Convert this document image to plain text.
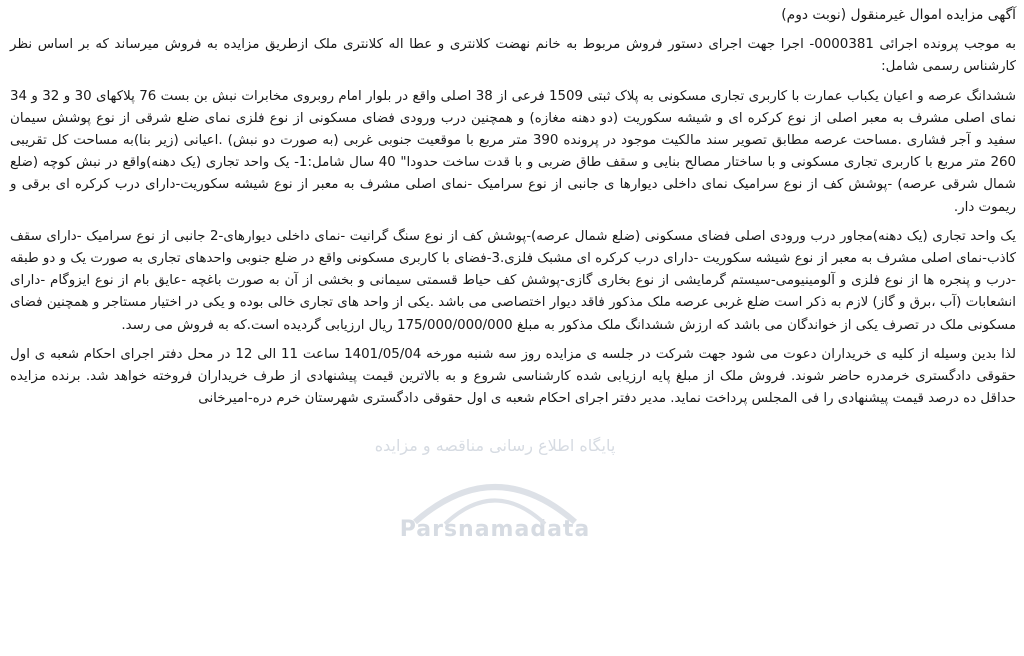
آگهی مزایده اموال غیرمنقول (نوبت دوم)

به موجب پرونده اجرائی 0000381- اجرا جهت اجرای دستور فروش مربوط به خانم نهضت کلانتری و عطا اله کلانتری ملک ازطریق مزایده به فروش میرساند که بر اساس نظر کارشناس رسمی شامل:

ششدانگ عرصه و اعیان یکباب عمارت با کاربری تجاری مسکونی به پلاک ثبتی 1509 فرعی از 38 اصلی واقع در بلوار امام روبروی مخابرات نبش بن بست 76 پلاکهای 30 و 32 و 34 نمای اصلی مشرف به معبر اصلی از نوع کرکره ای و شیشه سکوریت (دو دهنه مغازه) و همچنین درب ورودی فضای مسکونی از نوع فلزی نمای ضلع شرقی از نوع پوشش سیمان سفید و آجر فشاری .مساحت عرصه مطابق تصویر سند مالکیت موجود در پرونده 390 متر مربع با موقعیت جنوبی غربی (به صورت دو نبش) .اعیانی (زیر بنا)به مساحت کل تقریبی 260 متر مربع با کاربری تجاری مسکونی و با ساختار مصالح بنایی و سقف طاق ضربی و با قدت ساخت حدودا" 40 سال شامل:1- یک واحد تجاری (یک دهنه)واقع در نبش کوچه (ضلع شمال شرقی عرصه) -پوشش کف از نوع سرامیک نمای داخلی دیوارها ی جانبی از نوع سرامیک -نمای اصلی مشرف به معبر از نوع شیشه سکوریت-دارای درب کرکره ای برقی و ریموت دار.

یک واحد تجاری (یک دهنه)مجاور درب ورودی اصلی فضای مسکونی (ضلع شمال عرصه)-پوشش کف از نوع سنگ گرانیت -نمای داخلی دیوارهای-2 جانبی از نوع سرامیک -دارای سقف کاذب-نمای اصلی مشرف به معبر از نوع شیشه سکوریت -دارای درب کرکره ای مشبک فلزی.3-فضای با کاربری مسکونی واقع در ضلع جنوبی واحدهای تجاری به صورت یک و دو طبقه -درب و پنجره ها از نوع فلزی و آلومینیومی-سیستم گرمایشی از نوع بخاری گازی-پوشش کف حیاط قسمتی سیمانی و بخشی از آن به صورت باغچه -عایق بام از نوع ایزوگام -دارای انشعابات (آب ،برق و گاز) لازم به ذکر است ضلع غربی عرصه ملک مذکور فاقد دیوار اختصاصی می باشد .یکی از واحد های تجاری خالی بوده و یکی در اختیار مستاجر و همچنین فضای مسکونی ملک در تصرف یکی از خواندگان می باشد که ارزش ششدانگ ملک مذکور به مبلغ 175/000/000/000 ریال ارزیابی گردیده است.که به فروش می رسد.

لذا بدین وسیله از کلیه ی خریداران دعوت می شود جهت شرکت در جلسه ی مزایده روز سه شنبه مورخه 1401/05/04 ساعت 11 الی 12 در محل دفتر اجرای احکام شعبه ی اول حقوقی دادگستری خرمدره حاضر شوند. فروش ملک از مبلغ پایه ارزیابی شده کارشناسی شروع و به بالاترین قیمت پیشنهادی از طرف خریداران فروخته خواهد شد. برنده مزایده حداقل ده درصد قیمت پیشنهادی را فی المجلس پرداخت نماید. مدیر دفتر اجرای احکام شعبه ی اول حقوقی دادگستری شهرستان خرم دره-امیرخانی

پایگاه اطلاع رسانی مناقصه و مزایده
Parsnamadata
